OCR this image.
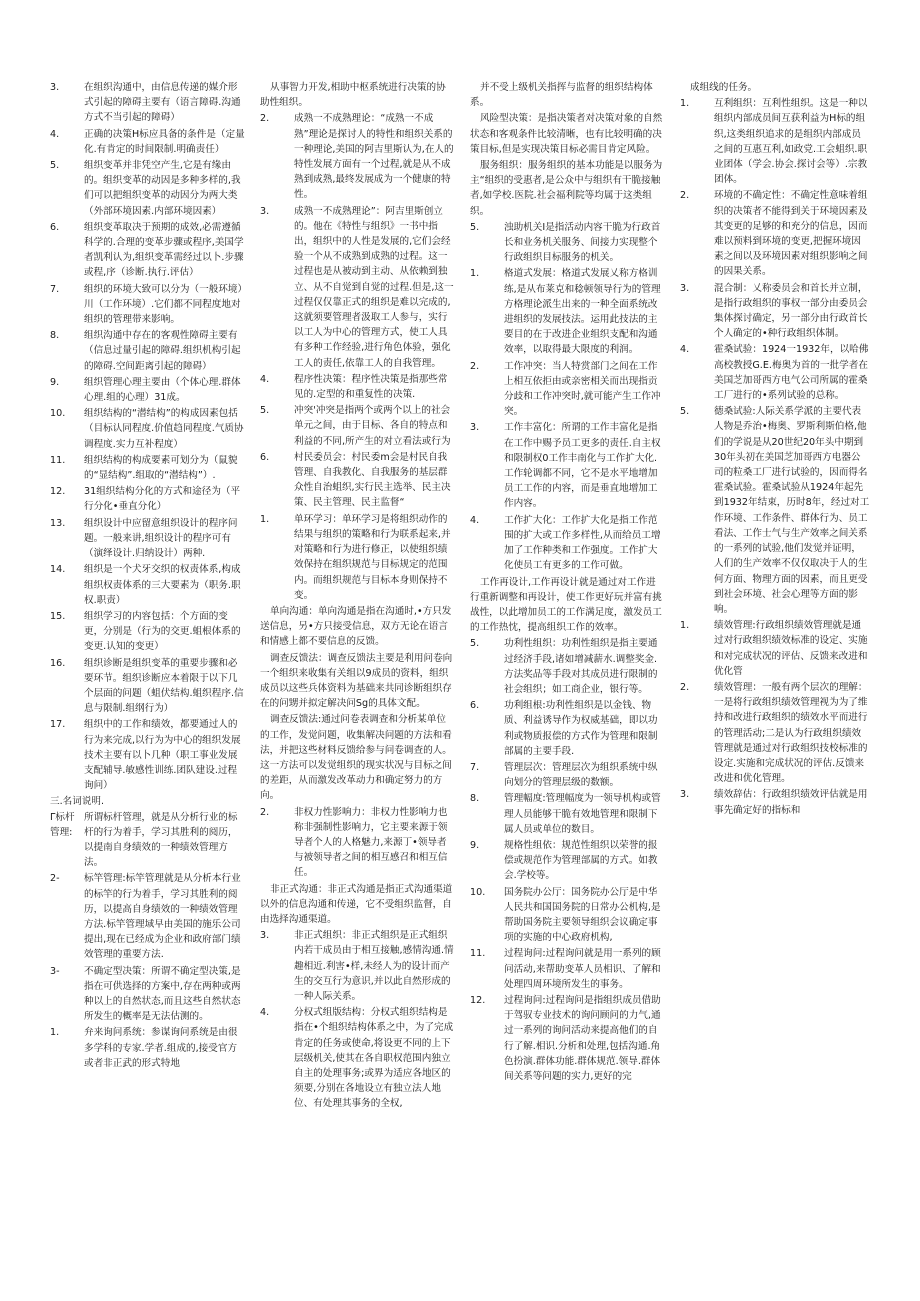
3.	在组织沟通中，由信息传递的媒介形式引起的障碍主要有（语言障碍.沟通方式不当引起的障碍）
4.	正确的决策H标应具备的条件是（定量化.有肯定的时间限制.明确责任）
5.	组织变革并非凭空产生,它是有缘由的。组织变革的动因是多种多样的,我们可以把组织变革的动因分为两大类（外部环境因素.内部环境因素）
6.	组织变革取决于预期的成效,必需遵循科学的.合理的变革步骤或程序,美国学者凯利认为,组织变革需经过以卜.步骤或程,序（诊断.执行.评估）
7.	组织的环境大致可以分为（一般环境）川（工作环境）.它们都不同程度地对组织的管理带来影响。
8.	组织沟通中存在的客观性障碍主要有（信息过量引起的障碍.组织机构引起的障碍.空间距离引起的障碍）
9.	组织管理心理主要由（个体心理.群体心理.组的心理）31成。
10.	组织结构的“潜结构”的构成因素包括（目标认同程度.价值趋同程度.气质协调程度.实力互补程度）
11.	组织结构的构成要素可划分为（鼠貌的“显结构”.组取的“潜结构”）.
12.	31组织结构分化的方式和途径为（平行分化•垂直分化）
13.	组织设计中应留意组织设计的程序问题。一般来讲,组织设计的程序可有（演绎设计.归纳设计）两种.
14.	组织是一个犬牙交织的权责体系,构成组织权责体系的三大要素为（职务.职权.职责）
15.	组织学习的内容包括：个方面的变更，分别是（行为的交更.蛆根体系的变更.认知的变更）
16.	组织诊断是组织变革的重要步骤和必要环节。组织诊断应本着限于以下几个层面的问题（蛆伏结构.蛆织程序.信息与限制.组纲行为）
17.	组织中的工作和绩效，都要通过人的行为来完成,以行为为中心的组织发展技术主要有以卜几种（职工事业发展支配辅导.敏感性训练.团队建设.过程询问）
三.名词说明.
Γ标杆管理:
所谓标杆管理，就是从分析行业的标杆的行为着手，学习其胜利的阅历，以提南自身绩效的一种绩效管理方法。
2-	标竿管理:标竿管理就是从分析本行业的标竿的行为着手，学习其胜利的阅历，以提高自身绩效的一种绩效管理方法.标竿管理域早由美国的施乐公司提出,现在已经成为企业和政府部门绩效管理的重要方法.
3-	不确定型决策：所谓不确定型决策,是指在可供选择的方案中,存在两种或两种以上的自然状态,而且这些自然状态所发生的概率是无法估测的。
1.	弁来询问系统：参谋询问系统是由很多学科的专家.学者.组成的,接受官方或者非正武的形式特地
从事智力开发,相助中枢系统进行决策的协助性组织。
2.	成熟一不成熟理论：“成熟一不成熟”理论是探讨人的特性和组织关系的一种理论,美国的阿吉里斯认为,在人的特性发展方面有一个过程,就是从不成熟到成熟,最终发展成为一个健康的特性。
3.	成熟一不成熟理论”：阿吉里斯创立的。他在《特性与组织》一书中指出，组织中的人性是发展的,它们会经验一个从不成熟到成熟的过程。这一过程也是从被动到主动、从依赖到独立、从不自觉到自觉的过程.但是,这一过程仅仅靠正式的组织是难以完成的,这就须要管理者汲取工人参与，实行以工人为中心的管理方式，使工人具有多种工作经验,进行角色体验，强化工人的责任,依靠工人的自我管理。
4.	程序性决策：程序性决策是指那些常见的.定型的和重复性的决策.
5.	冲突'冲突是指两个或两个以上的社会单元之间，由于目标、各自的特点和利益的不同,所产生的对立看法或行为
6.	村民委员会：村民委m会是村民自我管理、自我教化、自我服务的基层群众性自治蛆织,实行民主选举、民主决策、民主管理、民主监督“
1.	单环学习：单环学习是将组织动作的结果与组织的策略和行为联系起来,并对策略和行为进行修正，以使组织绩效保持在组织规范与目标规定的范围内。而组织规范与目标本身则保持不变。
单向沟通：单向沟通是指在沟通时,•方只发送信息，另•方只接受信息，双方无论在语言和情感上都不要信息的反馈。
调查反馈法：调查反馈法主要是利用问卷向一个组织来收集有关组以9成员的资料，组织成员以这些兵体资料为基础来共同诊断组织存在的问甥并拟定解决问Sg的具体文配。
调查反馈法:通过问卷表调查和分析某单位的工作，发觉问题，收集解决问题的方法和看法，并把这些材料反馈给参与问卷调查的人。这一方法可以发觉组织的现实状况与目标之间的差距，从而激发改革动力和确定努力的方向。
2.	非权力性影响力：非权力性影响力也称非强制性影响力，它主要来源于领导者个人的人格魅力,来源丁•领导者与被领导者之间的相互感召和相互信任。
非正式沟通：非正式沟通是指正式沟通渠道以外的信息沟通和传递，它不受组织监督，自由选择沟通渠道。
3.	非正式组织：非正式组织是正式组织内若干成员由于相互接触,感情沟通.情趣相近.利害•样,未经人为的设计而产生的交互行为意识,并以此自然形成的一种人际关系。
4.	分权式组版结构：分权式组织结构是指在•个组织结构体系之中，为了完成肯定的任务或使命,将设更不同的上下层级机关,使其在各自职权范围内独立自主的处理事务;或界为适应各地区的须要,分别在各地设立有独立法人地位、有处理其事务的全权,
并不受上级机关指挥与监督的组织结构体系。
风险型决策：是指决策者对决策对象的自然状态和客观条件比较清晰，也有比较明确的决策目标,但是实现决策目标必需目肯定风险。
服务组织：服务组织的基本功能是以服务为主“组织的受惠者,是公众中与组织有干脆接触者,如学校.医院.社会福利院等均属于这类组织。
5.	浊助机关I是指活动内容干脆为行政首长和业务机关服务、间接力实现整个行政组织目标服务的机关。
1.	格道式发展：格道式发展乂称方格训练,是从布莱克和稔顿领导行为的管理方格理论派生出来的一种全面系统改进组织的发展技法。运用此技法的主要目的在于改进企业组织支配和沟通效率，以取得最大限度的利润。
2.	工作冲突：当人特赏部门之间在工作上相互依拒由或亲密相关而出现指贡分歧和工作冲突时,就可能产生工作冲突。
3.	工作丰富化：所谓的工作丰富化是指在工作中赐予员工更多的责任.自主权和限制权0工作丰南化与工作扩大化.工作轮调都不同，它不是水平地增加员工工作的内容，而是垂直地增加工作内容。
4.	工作扩大化：工作扩大化是指工作范围的扩大或工作多样性,从而给员工增加了工作种类和工作强度。工作扩大化使员工有更多的工作可做。
工作再设计,工作再设计就是通过对工作进行重新调整和再设计，使工作更好玩并富有挑战性，以此增加员工的工作满足度，激发员工的工作热忱，提高组织工作的效率。
5.	功利性组织：功利性组织是指主要通过经济手段,诸如增减薪水.调整奖金.方法奖品等手段对其成员进行限制的社会组织；如工商企业，银行等。
6.	功利组根:功利性组织是以金钱、物质、利益诱导作为权威基础，即以功利或物质报偿的方式作为管理和限制部属的主要手段.
7.	管理层次：管理层次为组织系统中纵向划分的管理层级的数额。
8.	管理幅度:管理幅度为一领导机构或管理人员能够干脆有效地管理和限制下属人员或单位的数目。
9.	规格性组依：规范性组织以荣誉的报偿或规范作为管理部属的方式。如教会.学校等。
10.	国务院办公厅：国务院办公厅是中华人民共和国国务院的日常办公机构,是帮助国务院主要领导组织会议确定事项的实施的中心政府机构,
11.	过程询问:过程询问就是用一系列的顾问活动,来帮助变革人员相识、了解和处理四周环境所发生的事务。
12.	过程询问:过程询问是指组织成员借助于驾驭专业技术的询问顾问的力气,通过一系列的询问活动来提高他们的自行了解.相识.分析和处理,包括沟通.角色扮演.群体功能.群体规范.领导.群体间关系等问题的实力,更好的完
成组线的任务。
1.	互利组织：互利性组织。这是一种以组织内部成员间互获利益为H标的组织,这类组织追求的是组织内部成员之间的互惠互利,如政党.工会蛆织.职业团体（学会.协会.探讨会等）.宗教团体。
2.	环境的不确定性：不确定性意味着组织的决策者不能得到关于环境因素及其变更的足够的和充分的信息，因而难以预料到环境的变更,把握环境因素之间以及环境因素对组织影响之间的因果关系。
3.	混合制：乂称委员会和首长并立制，是指行政组织的事权一部分由委员会集体探讨确定，另一部分由行政首长个人确定的•种行政组织体制。
4.	霍桑试验：1924一1932年，以哈佛高校教授G.E.梅奥为首的一批学者在美国芝加哥西方电气公司所属的霍桑工厂进行的•系列试验的总称。
5.	德桑试验:人际关系学派的主要代表人物是乔治•梅奥、罗斯利斯伯格,他们的学说是从20世纪20年头中期到30年头初在美国芝加哥西方电器公司的粒桑工厂进行试验的，因而得名霍桑试验。霍桑试验从1924年起先到1932年结束，历时8年，经过对工作环境、工作条件、群体行为、员工看法、工作士气与生产效率之间关系的一系列的试验,他们发觉并证明，人们的生产效率不仅仅取决于人的生何方面、物理方面的因素，而且更受到社会环境、社会心理等方面的影响。
1.	绩效管理:行政组织绩效管理就是通过对行政组织绩效标准的设定、实施和对完成状况的评估、反馈来改进和优化管
2.	绩效管理：一般有两个层次的理解：一是将行政组织绩效管理视为为了维持和改进行政组织的绩效水平而进行的管理活动;二是认为行政组织绩效管理就是通过对行政组织技校标准的设定.实施和完成状况的评估.反馈来改进和优化管理。
3.	绩效辞估：行政组织绩效评估就是用事先确定好的指标和
